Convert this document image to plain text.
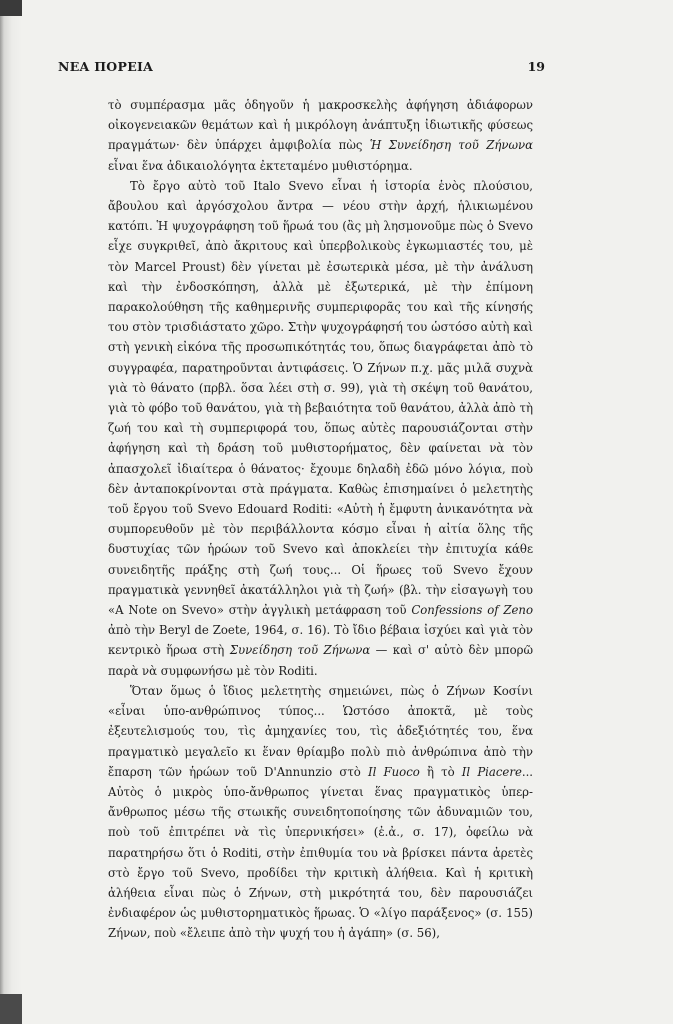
ΝΕΑ ΠΟΡΕΙΑ	19

τὸ συμπέρασμα μᾶς ὁδηγοῦν ἡ μακροσκελὴς ἀφήγηση ἀδιάφορων οἰκογενειακῶν θεμάτων καὶ ἡ μικρόλογη ἀνάπτυξη ἰδιωτικῆς φύσεως πραγμάτων· δὲν ὑπάρχει ἀμφιβολία πὼς Ἡ Συνείδηση τοῦ Ζήνωνα εἶναι ἕνα ἀδικαιολόγητα ἐκτεταμένο μυθιστόρημα.

Τὸ ἔργο αὐτὸ τοῦ Italo Svevo εἶναι ἡ ἱστορία ἑνὸς πλούσιου, ἄβουλου καὶ ἀργόσχολου ἄντρα — νέου στὴν ἀρχή, ἡλικιωμένου κατόπι. Ἡ ψυχογράφηση τοῦ ἥρωά του (ἂς μὴ λησμονοῦμε πὼς ὁ Svevo εἶχε συγκριθεῖ, ἀπὸ ἄκριτους καὶ ὑπερβολικοὺς ἐγκωμιαστές του, μὲ τὸν Marcel Proust) δὲν γίνεται μὲ ἐσωτερικὰ μέσα, μὲ τὴν ἀνάλυση καὶ τὴν ἐνδοσκόπηση, ἀλλὰ μὲ ἐξωτερικά, μὲ τὴν ἐπίμονη παρακολούθηση τῆς καθημερινῆς συμπεριφορᾶς του καὶ τῆς κίνησής του στὸν τρισδιάστατο χῶρο. Στὴν ψυχογράφησή του ὡστόσο αὐτὴ καὶ στὴ γενικὴ εἰκόνα τῆς προσωπικότητάς του, ὅπως διαγράφεται ἀπὸ τὸ συγγραφέα, παρατηροῦνται ἀντιφάσεις. Ὁ Ζήνων π.χ. μᾶς μιλᾶ συχνὰ γιὰ τὸ θάνατο (πρβλ. ὅσα λέει στὴ σ. 99), γιὰ τὴ σκέψη τοῦ θανάτου, γιὰ τὸ φόβο τοῦ θανάτου, γιὰ τὴ βεβαιότητα τοῦ θανάτου, ἀλλὰ ἀπὸ τὴ ζωή του καὶ τὴ συμπεριφορά του, ὅπως αὐτὲς παρουσιάζονται στὴν ἀφήγηση καὶ τὴ δράση τοῦ μυθιστορήματος, δὲν φαίνεται νὰ τὸν ἀπασχολεῖ ἰδιαίτερα ὁ θάνατος· ἔχουμε δηλαδὴ ἐδῶ μόνο λόγια, ποὺ δὲν ἀνταποκρίνονται στὰ πράγματα. Καθὼς ἐπισημαίνει ὁ μελετητὴς τοῦ ἔργου τοῦ Svevo Edouard Roditi: «Αὐτὴ ἡ ἔμφυτη ἀνικανότητα νὰ συμπορευθοῦν μὲ τὸν περιβάλλοντα κόσμο εἶναι ἡ αἰτία ὅλης τῆς δυστυχίας τῶν ἡρώων τοῦ Svevo καὶ ἀποκλείει τὴν ἐπιτυχία κάθε συνειδητῆς πράξης στὴ ζωή τους... Οἱ ἥρωες τοῦ Svevo ἔχουν πραγματικὰ γεννηθεῖ ἀκατάλληλοι γιὰ τὴ ζωή» (βλ. τὴν εἰσαγωγὴ του «A Note on Svevo» στὴν ἀγγλικὴ μετάφραση τοῦ Confessions of Zeno ἀπὸ τὴν Beryl de Zoete, 1964, σ. 16). Τὸ ἴδιο βέβαια ἰσχύει καὶ γιὰ τὸν κεντρικὸ ἥρωα στὴ Συνείδηση τοῦ Ζήνωνα — καὶ σ' αὐτὸ δὲν μπορῶ παρὰ νὰ συμφωνήσω μὲ τὸν Roditi.

Ὅταν ὅμως ὁ ἴδιος μελετητὴς σημειώνει, πὼς ὁ Ζήνων Κοσίνι «εἶναι ὑπο-ανθρώπινος τύπος... Ὡστόσο ἀποκτᾶ, μὲ τοὺς ἐξευτελισμούς του, τὶς ἀμηχανίες του, τὶς ἀδεξιότητές του, ἕνα πραγματικὸ μεγαλεῖο κι ἕναν θρίαμβο πολὺ πιὸ ἀνθρώπινα ἀπὸ τὴν ἔπαρση τῶν ἡρώων τοῦ D'Annunzio στὸ Il Fuoco ἢ τὸ Il Piacere... Αὐτὸς ὁ μικρὸς ὑπο-ἄνθρωπος γίνεται ἕνας πραγματικὸς ὑπερ-ἄνθρωπος μέσω τῆς στωικῆς συνειδητοποίησης τῶν ἀδυναμιῶν του, ποὺ τοῦ ἐπιτρέπει νὰ τὶς ὑπερνικήσει» (ἐ.ἀ., σ. 17), ὀφείλω νὰ παρατηρήσω ὅτι ὁ Roditi, στὴν ἐπιθυμία του νὰ βρίσκει πάντα ἀρετὲς στὸ ἔργο τοῦ Svevo, προδίδει τὴν κριτικὴ ἀλήθεια. Καὶ ἡ κριτικὴ ἀλήθεια εἶναι πὼς ὁ Ζήνων, στὴ μικρότητά του, δὲν παρουσιάζει ἐνδιαφέρον ὡς μυθιστορηματικὸς ἥρωας. Ὁ «λίγο παράξενος» (σ. 155) Ζήνων, ποὺ «ἔλειπε ἀπὸ τὴν ψυχή του ἡ ἀγάπη» (σ. 56),
